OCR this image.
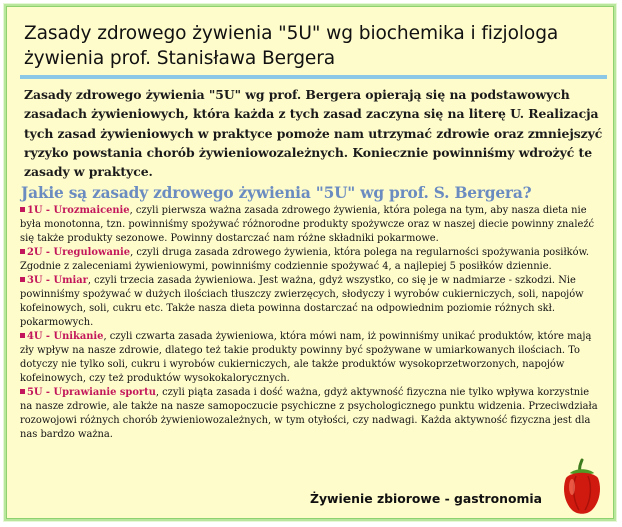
Zasady zdrowego żywienia "5U" wg biochemika i fizjologa żywienia prof. Stanisława Bergera
Zasady zdrowego żywienia "5U" wg prof. Bergera opierają się na podstawowych zasadach żywieniowych, która każda z tych zasad zaczyna się na literę U. Realizacja tych zasad żywieniowych w praktyce pomoże nam utrzymać zdrowie oraz zmniejszyć ryzyko powstania chorób żywieniowozależnych. Koniecznie powinniśmy wdrożyć te zasady w praktyce.
Jakie są zasady zdrowego żywienia "5U" wg prof. S. Bergera?

1U - Urozmaicenie, czyli pierwsza ważna zasada zdrowego żywienia, która polega na tym, aby nasza dieta nie była monotonna, tzn. powinniśmy spożywać różnorodne produkty spożywcze oraz w naszej diecie powinny znaleźć się także produkty sezonowe. Powinny dostarczać nam różne składniki pokarmowe.

2U - Uregulowanie, czyli druga zasada zdrowego żywienia, która polega na regularności spożywania posiłków. Zgodnie z zaleceniami żywieniowymi, powinniśmy codziennie spożywać 4, a najlepiej 5 posiłków dziennie.

3U - Umiar, czyli trzecia zasada żywieniowa. Jest ważna, gdyż wszystko, co się je w nadmiarze - szkodzi. Nie powinniśmy spożywać w dużych ilościach tłuszczy zwierzęcych, słodyczy i wyrobów cukierniczych, soli, napojów kofeinowych, soli, cukru etc. Także nasza dieta powinna dostarczać na odpowiednim poziomie różnych skł. pokarmowych.

4U - Unikanie, czyli czwarta zasada żywieniowa, która mówi nam, iż powinniśmy unikać produktów, które mają zły wpływ na nasze zdrowie, dlatego też takie produkty powinny być spożywane w umiarkowanych ilościach. To dotyczy nie tylko soli, cukru i wyrobów cukierniczych, ale także produktów wysokoprzetworzonych, napojów kofeinowych, czy też produktów wysokokalorycznych.

5U - Uprawianie sportu, czyli piąta zasada i dość ważna, gdyż aktywność fizyczna nie tylko wpływa korzystnie na nasze zdrowie, ale także na nasze samopoczucie psychiczne z psychologicznego punktu widzenia. Przeciwdziała rozowojowi różnych chorób żywieniowozależnych, w tym otyłości, czy nadwagi. Każda aktywność fizyczna jest dla nas bardzo ważna.

Żywienie zbiorowe - gastronomia
